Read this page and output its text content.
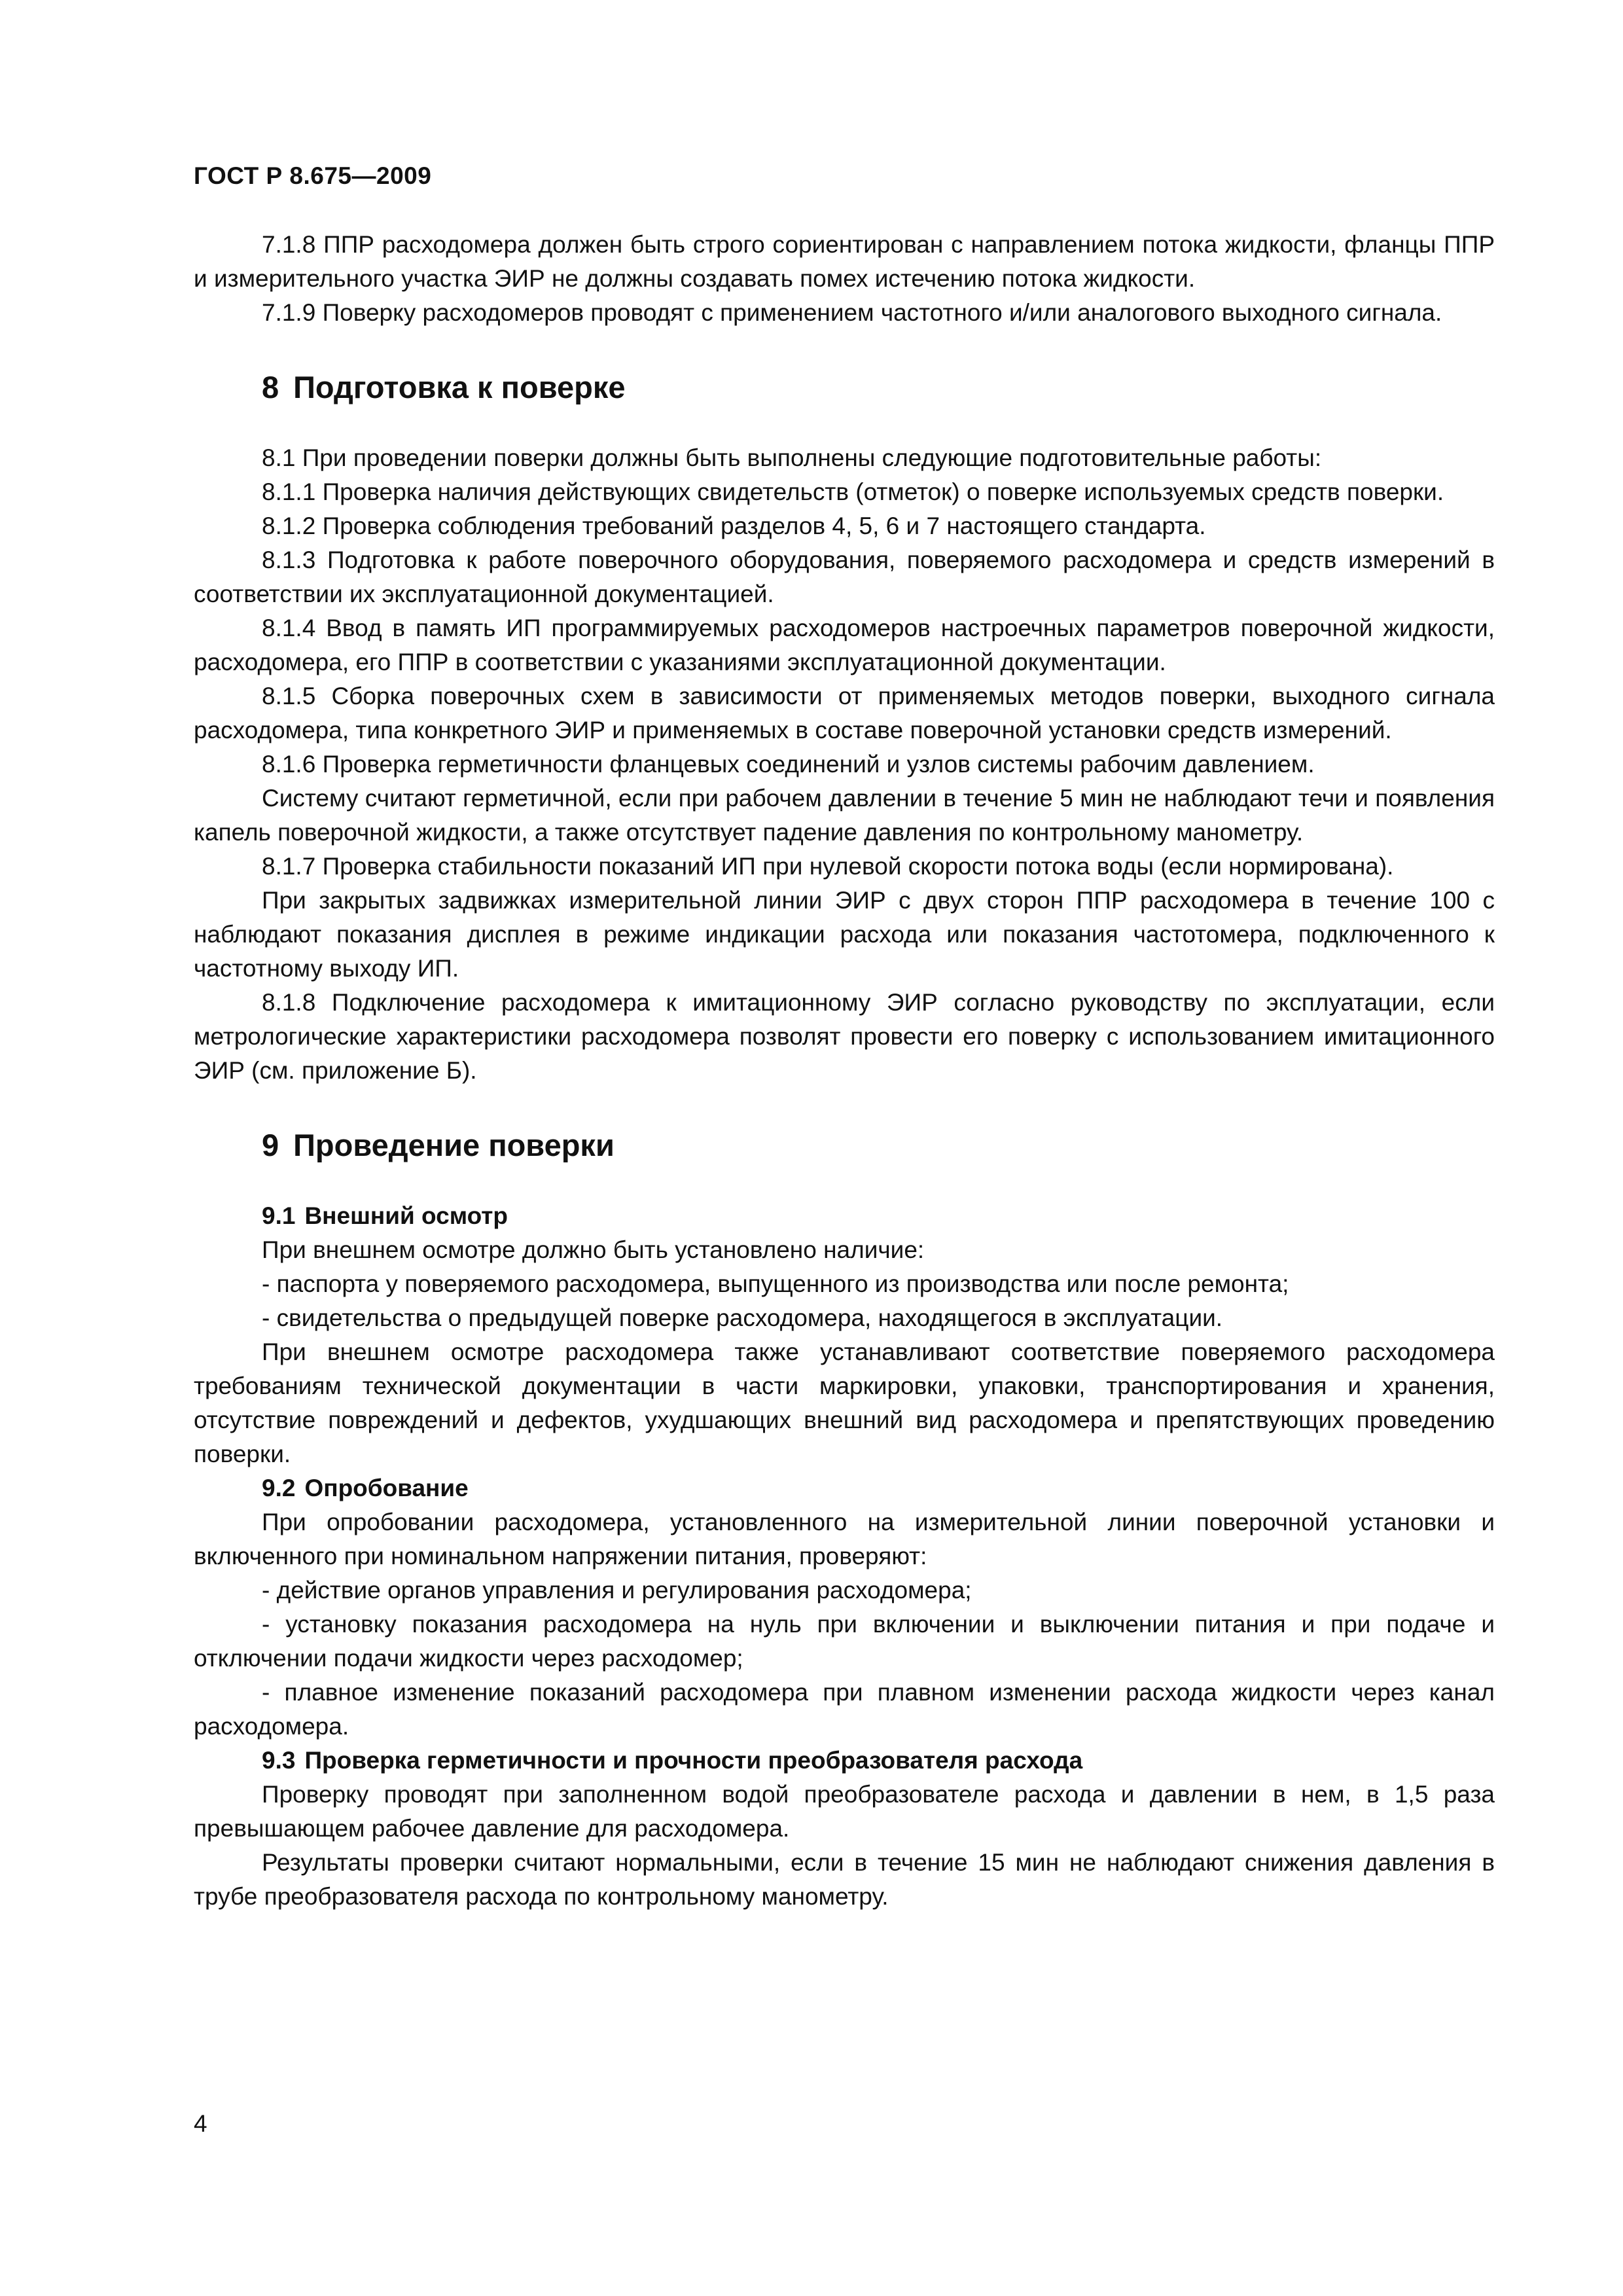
ГОСТ Р 8.675—2009

7.1.8 ППР расходомера должен быть строго сориентирован с направлением потока жидкости, фланцы ППР и измерительного участка ЭИР не должны создавать помех истечению потока жидкости.

7.1.9 Поверку расходомеров проводят с применением частотного и/или аналогового выходного сигнала.

8 Подготовка к поверке

8.1 При проведении поверки должны быть выполнены следующие подготовительные работы:

8.1.1 Проверка наличия действующих свидетельств (отметок) о поверке используемых средств поверки.

8.1.2 Проверка соблюдения требований разделов 4, 5, 6 и 7 настоящего стандарта.

8.1.3 Подготовка к работе поверочного оборудования, поверяемого расходомера и средств измерений в соответствии их эксплуатационной документацией.

8.1.4 Ввод в память ИП программируемых расходомеров настроечных параметров поверочной жидкости, расходомера, его ППР в соответствии с указаниями эксплуатационной документации.

8.1.5 Сборка поверочных схем в зависимости от применяемых методов поверки, выходного сигнала расходомера, типа конкретного ЭИР и применяемых в составе поверочной установки средств измерений.

8.1.6 Проверка герметичности фланцевых соединений и узлов системы рабочим давлением.

Систему считают герметичной, если при рабочем давлении в течение 5 мин не наблюдают течи и появления капель поверочной жидкости, а также отсутствует падение давления по контрольному манометру.

8.1.7 Проверка стабильности показаний ИП при нулевой скорости потока воды (если нормирована).

При закрытых задвижках измерительной линии ЭИР с двух сторон ППР расходомера в течение 100 с наблюдают показания дисплея в режиме индикации расхода или показания частотомера, подключенного к частотному выходу ИП.

8.1.8 Подключение расходомера к имитационному ЭИР согласно руководству по эксплуатации, если метрологические характеристики расходомера позволят провести его поверку с использованием имитационного ЭИР (см. приложение Б).

9 Проведение поверки
9.1 Внешний осмотр

При внешнем осмотре должно быть установлено наличие:

- паспорта у поверяемого расходомера, выпущенного из производства или после ремонта;

- свидетельства о предыдущей поверке расходомера, находящегося в эксплуатации.

При внешнем осмотре расходомера также устанавливают соответствие поверяемого расходомера требованиям технической документации в части маркировки, упаковки, транспортирования и хранения, отсутствие повреждений и дефектов, ухудшающих внешний вид расходомера и препятствующих проведению поверки.

9.2 Опробование

При опробовании расходомера, установленного на измерительной линии поверочной установки и включенного при номинальном напряжении питания, проверяют:

- действие органов управления и регулирования расходомера;

- установку показания расходомера на нуль при включении и выключении питания и при подаче и отключении подачи жидкости через расходомер;

- плавное изменение показаний расходомера при плавном изменении расхода жидкости через канал расходомера.

9.3 Проверка герметичности и прочности преобразователя расхода

Проверку проводят при заполненном водой преобразователе расхода и давлении в нем, в 1,5 раза превышающем рабочее давление для расходомера.

Результаты проверки считают нормальными, если в течение 15 мин не наблюдают снижения давления в трубе преобразователя расхода по контрольному манометру.

4
